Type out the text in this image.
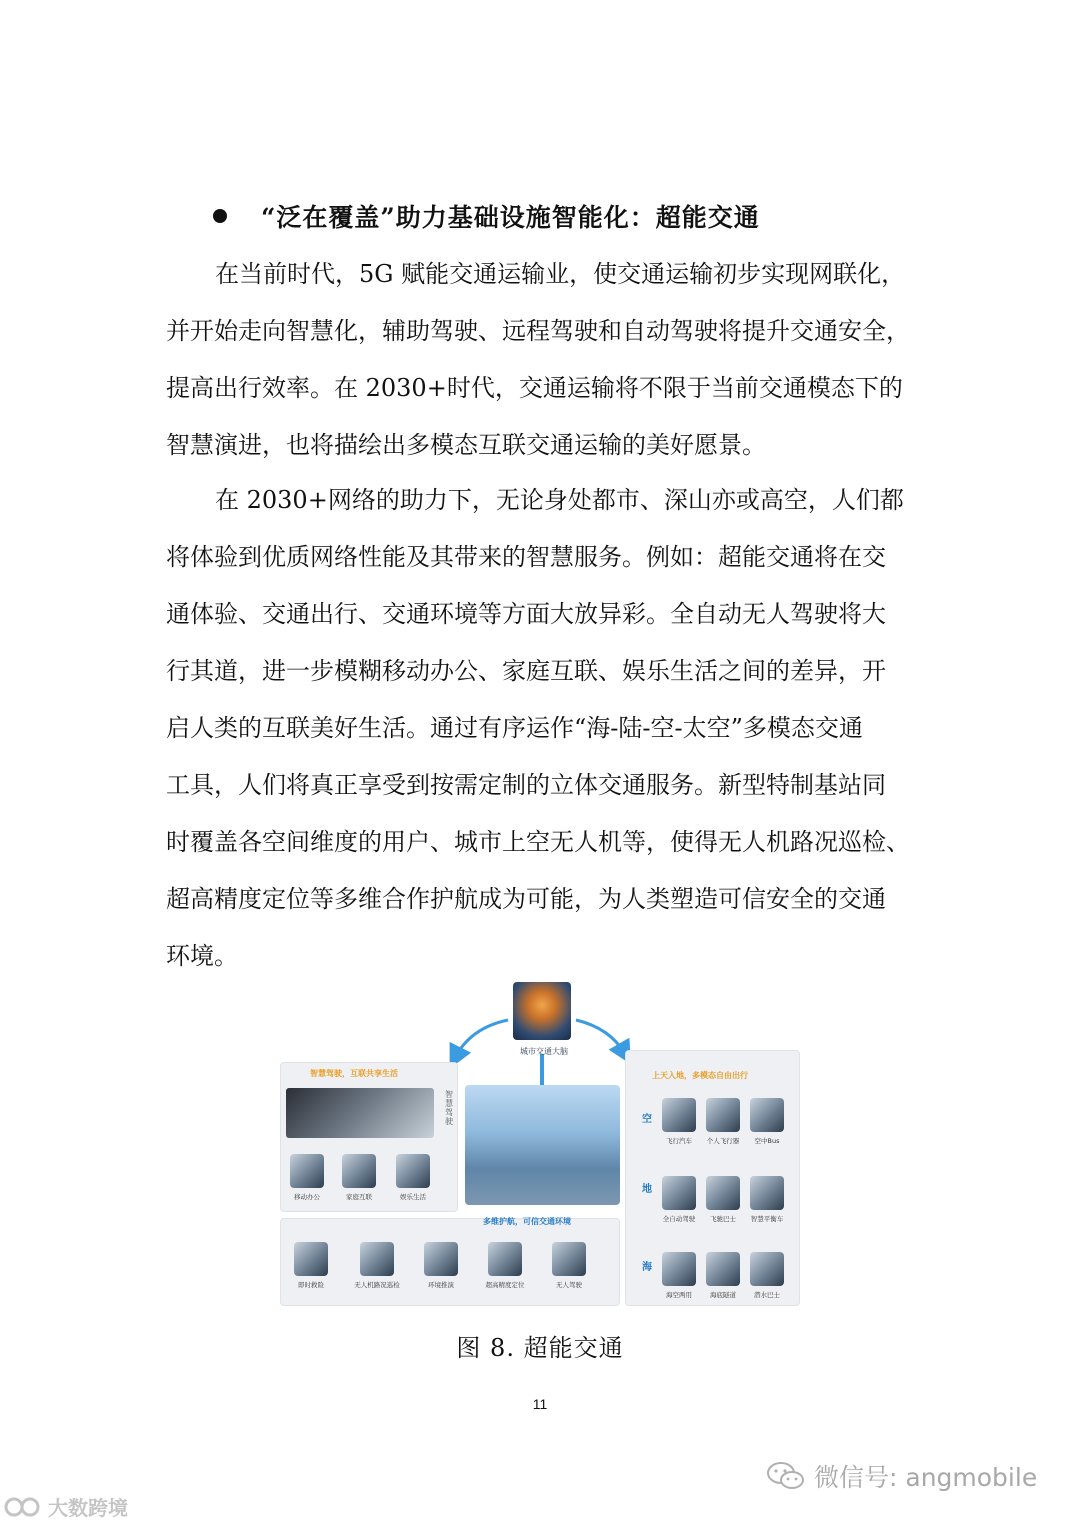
“泛在覆盖”助力基础设施智能化：超能交通
在当前时代，5G 赋能交通运输业，使交通运输初步实现网联化，
并开始走向智慧化，辅助驾驶、远程驾驶和自动驾驶将提升交通安全，
提高出行效率。在 2030+时代，交通运输将不限于当前交通模态下的
智慧演进，也将描绘出多模态互联交通运输的美好愿景。
在 2030+网络的助力下，无论身处都市、深山亦或高空，人们都
将体验到优质网络性能及其带来的智慧服务。例如：超能交通将在交
通体验、交通出行、交通环境等方面大放异彩。全自动无人驾驶将大
行其道，进一步模糊移动办公、家庭互联、娱乐生活之间的差异，开
启人类的互联美好生活。通过有序运作“海-陆-空-太空”多模态交通
工具，人们将真正享受到按需定制的立体交通服务。新型特制基站同
时覆盖各空间维度的用户、城市上空无人机等，使得无人机路况巡检、
超高精度定位等多维合作护航成为可能，为人类塑造可信安全的交通
环境。
城市交通大脑
智慧驾驶，互联共享生活
智慧驾驶
移动办公	家庭互联	娱乐生活
上天入地，多模态自由出行
空
飞行汽车	个人飞行器	空中Bus
地
全自动驾驶	飞驰巴士	智慧平衡车
海
海空两用	海底隧道	潜水巴士
多维护航，可信交通环境
即时救险	无人机路况巡检	环境推演	超高精度定位	无人驾驶
图 8. 超能交通
11
微信号: angmobile
大数跨境
